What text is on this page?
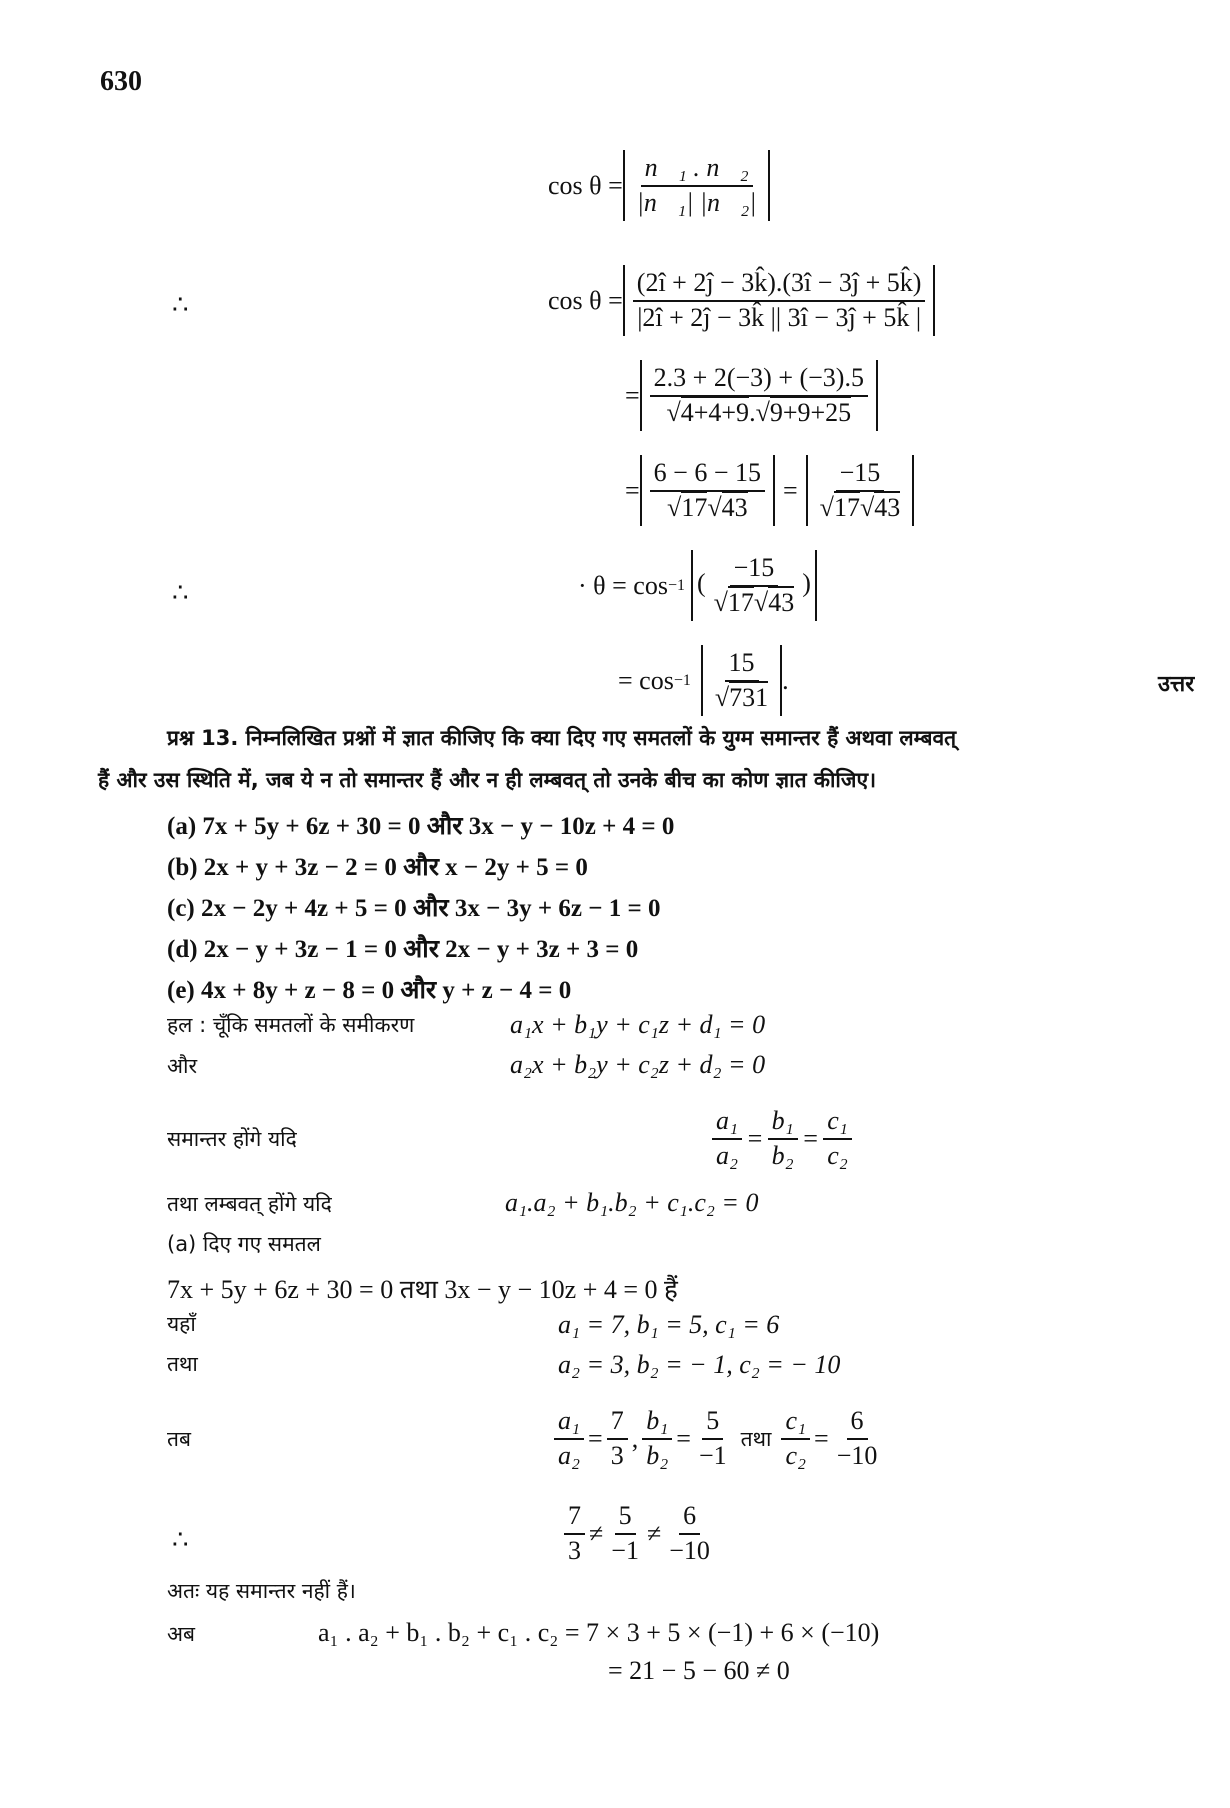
630
$\cos \theta = \frac{\text{n⃗₁ . n⃗₂}}{\text{|n⃗₁| |n⃗₂|}}$
∴	$\cos \theta = \frac{(2î + 2ĵ - 3k̂).(3î - 3ĵ + 5k̂)}{|2î + 2ĵ - 3k̂ || 3î - 3ĵ + 5k̂ |}$
= $\frac{2.3 + 2(-3) + (-3).5}{√4+4+9.√9+9+25}$
= $\frac{6 - 6 - 15}{√17√43} = \frac{-15}{√17√43}$
∴	· θ = cos −1 ( $\frac{-15}{√17√43}$ )
= $\cos -1 \frac{15}{√731}$ .	उत्तर
प्रश्न 13. निम्नलिखित प्रश्नों में ज्ञात कीजिए कि क्या दिए गए समतलों के युग्म समान्तर हैं अथवा लम्बवत्
हैं और उस स्थिति में, जब ये न तो समान्तर हैं और न ही लम्बवत् तो उनके बीच का कोण ज्ञात कीजिए।
(a) 7x + 5y + 6z + 30 = 0 और 3x − y − 10z + 4 = 0
(b) 2x + y + 3z − 2 = 0 और x − 2y + 5 = 0
(c) 2x − 2y + 4z + 5 = 0 और 3x − 3y + 6z − 1 = 0
(d) 2x − y + 3z − 1 = 0 और 2x − y + 3z + 3 = 0
(e) 4x + 8y + z − 8 = 0 और y + z − 4 = 0
हल : चूँकि समतलों के समीकरण	a₁x + b₁y + c₁z + d₁ = 0
और	a₂x + b₂y + c₂z + d₂ = 0
समान्तर होंगे यदि	$\frac{\text{a₁}}{\text{a₂}} = \frac{\text{b₁}}{\text{b₂}} = \frac{\text{c₁}}{\text{c₂}}$
तथा लम्बवत् होंगे यदि	a₁.a₂ + b₁.b₂ + c₁.c₂ = 0
(a) दिए गए समतल
7x + 5y + 6z + 30 = 0 तथा 3x − y − 10z + 4 = 0 हैं
यहाँ	a₁ = 7, b₁ = 5, c₁ = 6
तथा	a₂ = 3, b₂ = − 1, c₂ = − 10
तब	$\frac{\text{a₁}}{\text{a₂}} = \frac{7}{3}$ , $\frac{\text{b₁}}{\text{b₂}} = \frac{5}{-1}$ तथा $\frac{\text{c₁}}{\text{c₂}} = \frac{6}{-10}$
∴	$\frac{7}{3} \ne \frac{5}{-1} \ne \frac{6}{-10}$
अतः यह समान्तर नहीं हैं।
अब	a₁ . a₂ + b₁ . b₂ + c₁ . c₂ = 7 × 3 + 5 × (−1) + 6 × (−10)
= 21 − 5 − 60 ≠ 0
